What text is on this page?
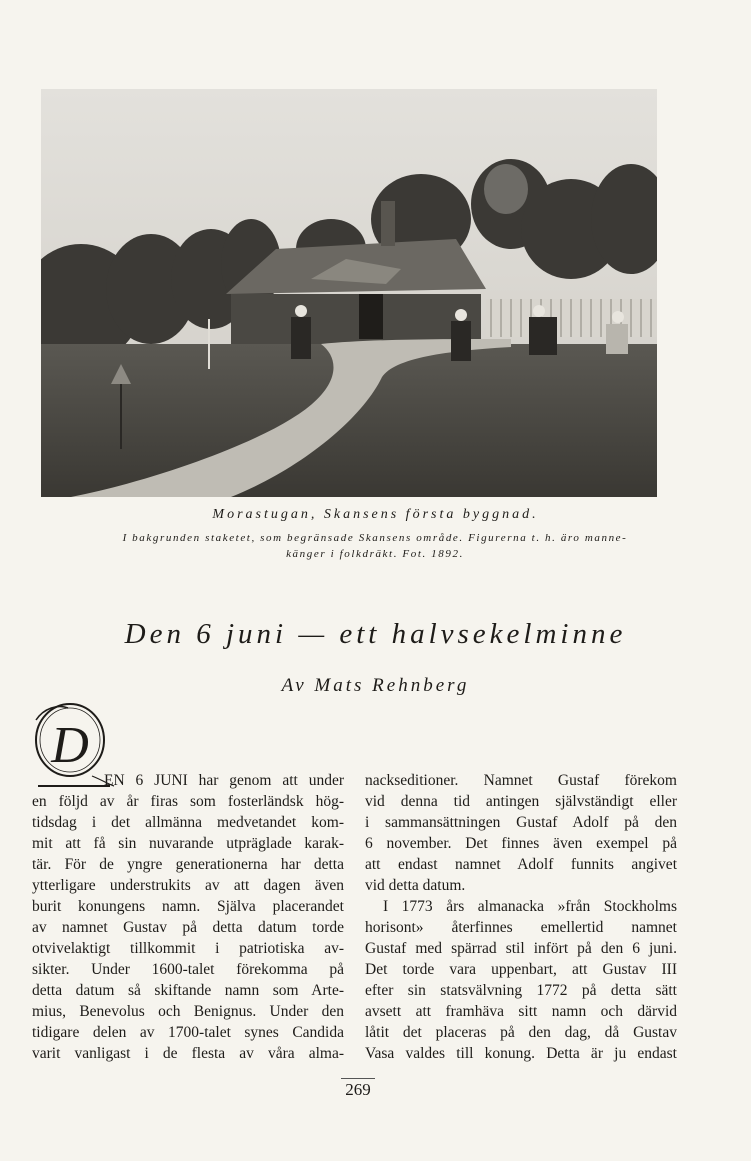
Morastugan, Skansens första byggnad.
I bakgrunden staketet, som begränsade Skansens område. Figurerna t. h. äro manne-
känger i folkdräkt. Fot. 1892.
Den 6 juni — ett halvsekelminne
Av Mats Rehnberg
D
EN 6 JUNI har genom att under
en följd av år firas som fosterländsk hög-
tidsdag i det allmänna medvetandet kom-
mit att få sin nuvarande utpräglade karak-
tär. För de yngre generationerna har detta
ytterligare understrukits av att dagen även
burit konungens namn. Själva placerandet
av namnet Gustav på detta datum torde
otvivelaktigt tillkommit i patriotiska av-
sikter. Under 1600-talet förekomma på
detta datum så skiftande namn som Arte-
mius, Benevolus och Benignus. Under den
tidigare delen av 1700-talet synes Candida
varit vanligast i de flesta av våra alma-
nackseditioner. Namnet Gustaf förekom
vid denna tid antingen självständigt eller
i sammansättningen Gustaf Adolf på den
6 november. Det finnes även exempel på
att endast namnet Adolf funnits angivet
vid detta datum.
I 1773 års almanacka »från Stockholms
horisont» återfinnes emellertid namnet
Gustaf med spärrad stil infört på den 6 juni.
Det torde vara uppenbart, att Gustav III
efter sin statsvälvning 1772 på detta sätt
avsett att framhäva sitt namn och därvid
låtit det placeras på den dag, då Gustav
Vasa valdes till konung. Detta är ju endast
269
